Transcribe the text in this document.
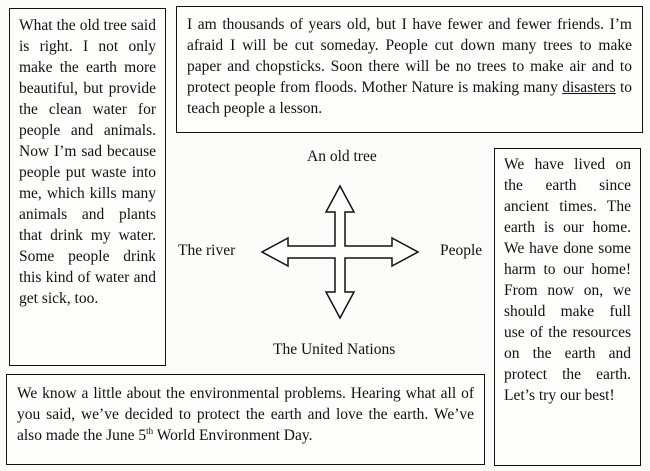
I am thousands of years old, but I have fewer and fewer friends. I’m afraid I will be cut someday. People cut down many trees to make paper and chopsticks. Soon there will be no trees to make air and to protect people from floods. Mother Nature is making many disasters to teach people a lesson.
What the old tree said is right. I not only make the earth more beautiful, but provide the clean water for people and animals. Now I’m sad because people put waste into me, which kills many animals and plants that drink my water. Some people drink this kind of water and get sick, too.
We have lived on the earth since ancient times. The earth is our home. We have done some harm to our home! From now on, we should make full use of the resources on the earth and protect the earth. Let’s try our best!
We know a little about the environmental problems. Hearing what all of you said, we’ve decided to protect the earth and love the earth. We’ve also made the June 5th World Environment Day.
An old tree
The river	People
The United Nations
